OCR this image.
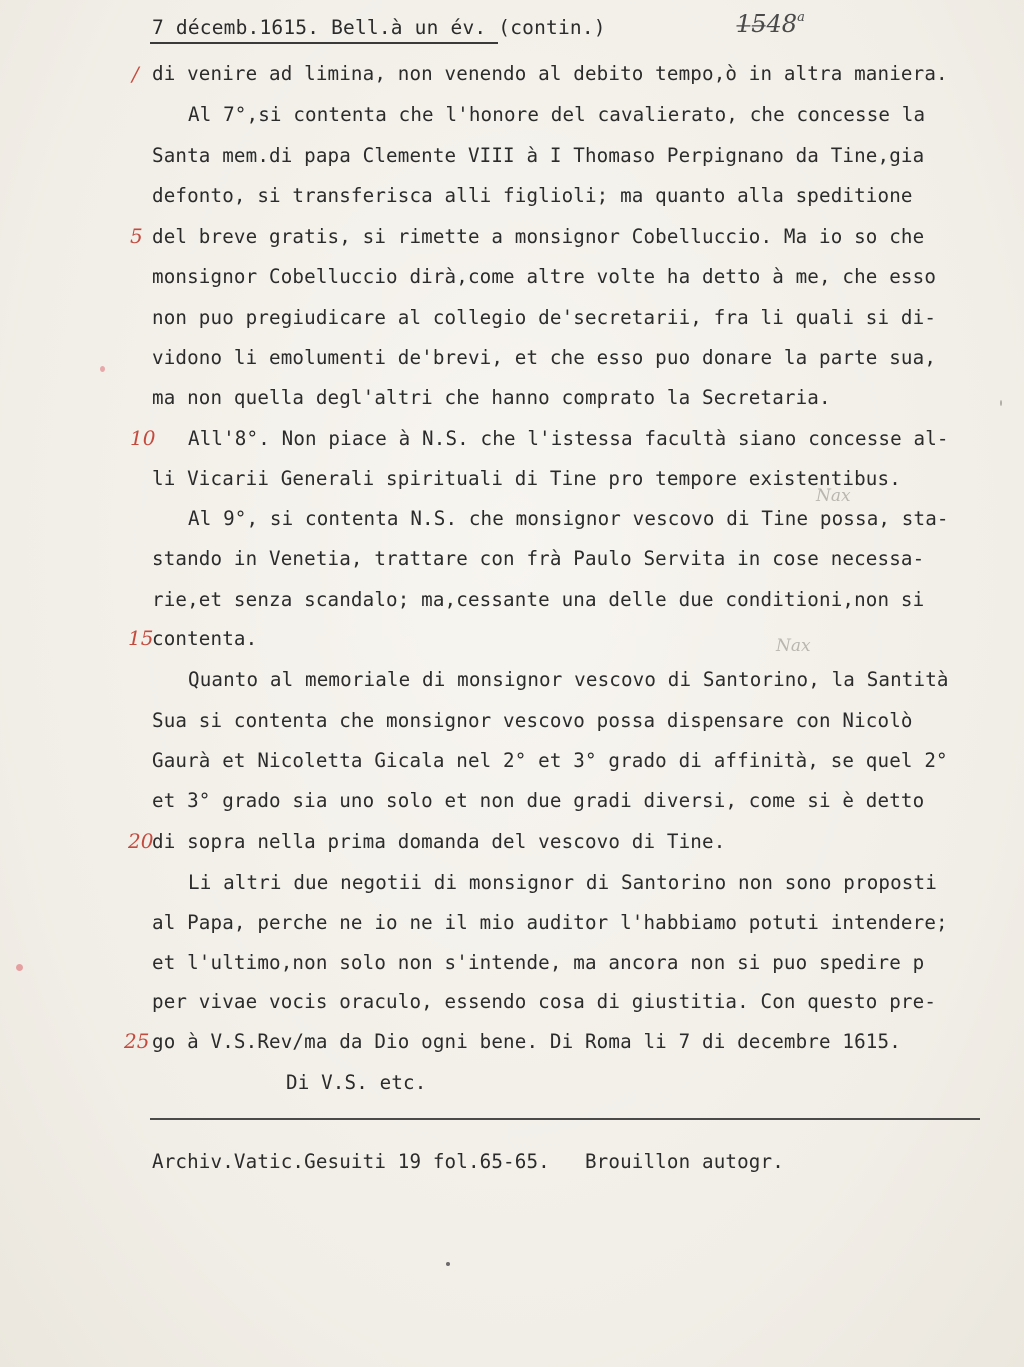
7 décemb.1615. Bell.à un év. (contin.)	1̶5̶48$^a$
di venire ad limina, non venendo al debito tempo,ò in altra maniera.
Al 7°,si contenta che l'honore del cavalierato, che concesse la
Santa mem.di papa Clemente VIII à I Thomaso Perpignano da Tine,gia
defonto, si transferisca alli figlioli; ma quanto alla speditione
del breve gratis, si rimette a monsignor Cobelluccio. Ma io so che
monsignor Cobelluccio dirà,come altre volte ha detto à me, che esso
non puo pregiudicare al collegio de'secretarii, fra li quali si di-
vidono li emolumenti de'brevi, et che esso puo donare la parte sua,
ma non quella degl'altri che hanno comprato la Secretaria.
All'8°. Non piace à N.S. che l'istessa facultà siano concesse al-
li Vicarii Generali spirituali di Tine pro tempore existentibus.
Al 9°, si contenta N.S. che monsignor vescovo di Tine possa, sta-
stando in Venetia, trattare con frà Paulo Servita in cose necessa-
rie,et senza scandalo; ma,cessante una delle due conditioni,non si
contenta.
Quanto al memoriale di monsignor vescovo di Santorino, la Santità
Sua si contenta che monsignor vescovo possa dispensare con Nicolò
Gaurà et Nicoletta Gicala nel 2° et 3° grado di affinità, se quel 2°
et 3° grado sia uno solo et non due gradi diversi, come si è detto
di sopra nella prima domanda del vescovo di Tine.
Li altri due negotii di monsignor di Santorino non sono proposti
al Papa, perche ne io ne il mio auditor l'habbiamo potuti intendere;
et l'ultimo,non solo non s'intende, ma ancora non si puo spedire p
per vivae vocis oraculo, essendo cosa di giustitia. Con questo pre-
go à V.S.Rev/ma da Dio ogni bene. Di Roma li 7 di decembre 1615.
Di V.S. etc.
/
5
10
15
20
25
Nax
Nax
Archiv.Vatic.Gesuiti 19 fol.65-65.   Brouillon autogr.
